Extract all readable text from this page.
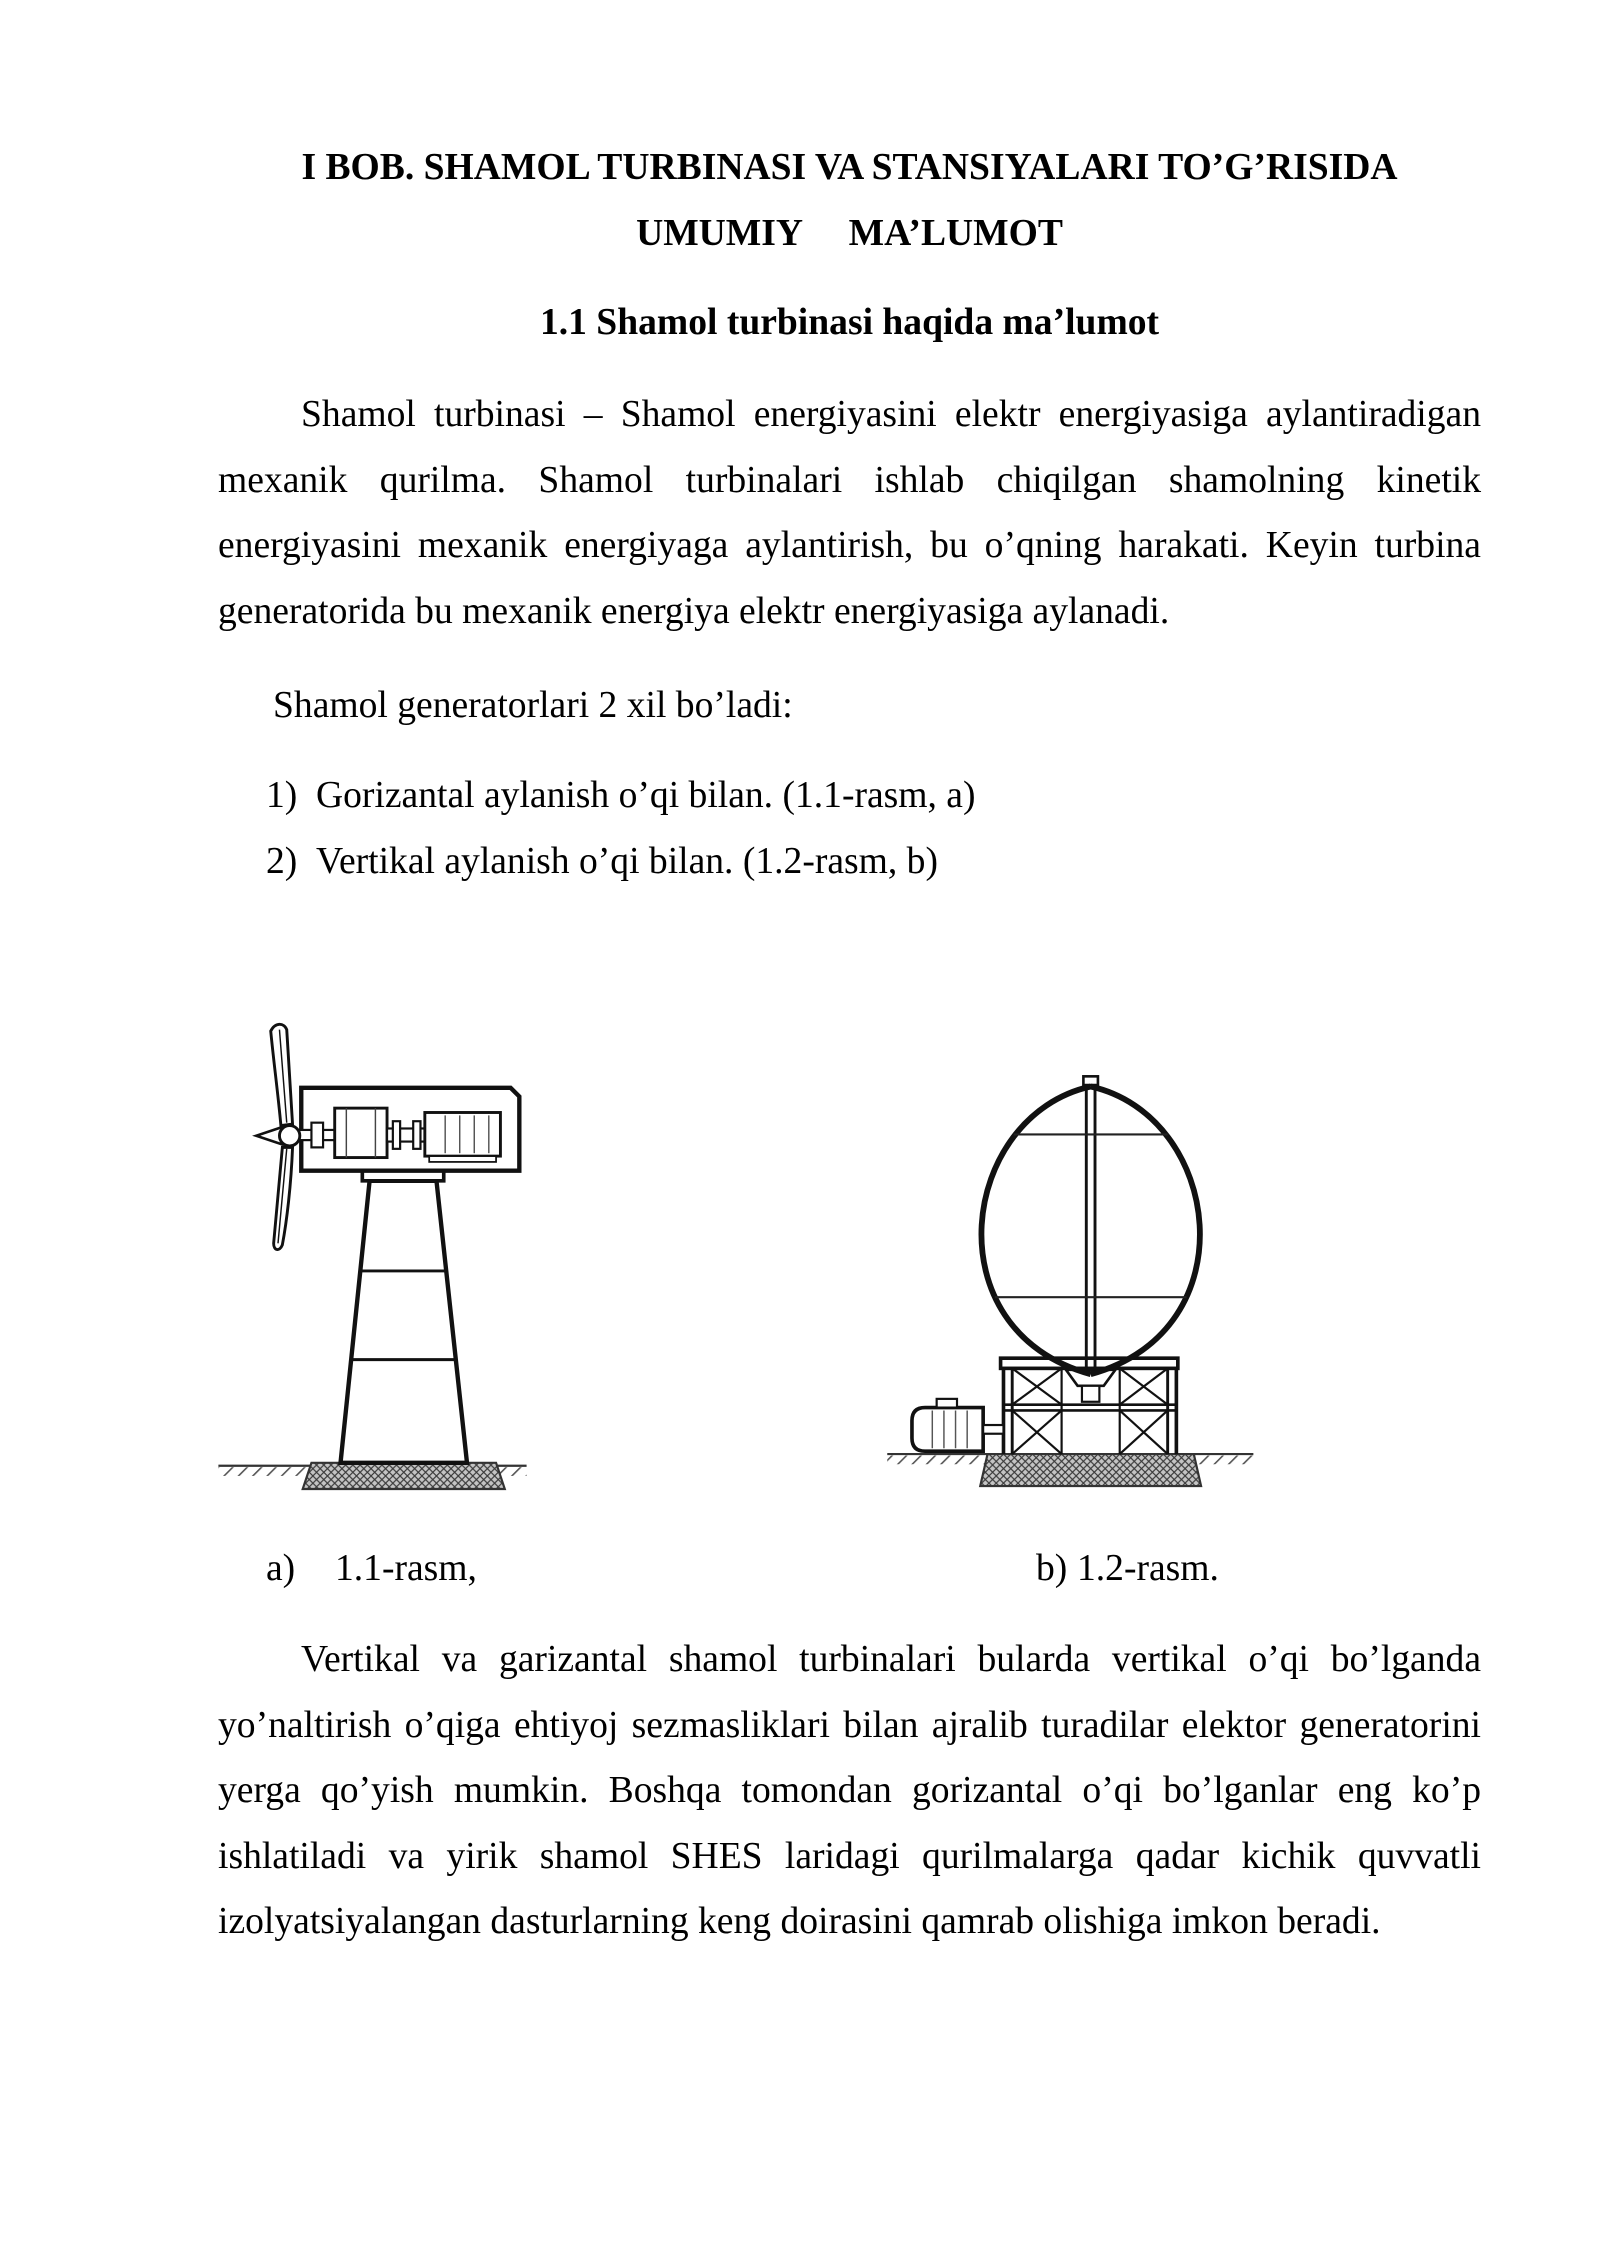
I BOB. SHAMOL TURBINASI VA STANSIYALARI TO’G’RISIDA
UMUMIY     MA’LUMOT
1.1 Shamol turbinasi haqida ma’lumot

Shamol turbinasi – Shamol energiyasini elektr energiyasiga aylantiradigan mexanik qurilma. Shamol turbinalari ishlab chiqilgan shamolning kinetik energiyasini mexanik energiyaga aylantirish, bu o’qning harakati. Keyin turbina generatorida bu mexanik energiya elektr energiyasiga aylanadi.

Shamol generatorlari 2 xil bo’ladi:

1) Gorizantal aylanish o’qi bilan. (1.1-rasm, a)
2) Vertikal aylanish o’qi bilan. (1.2-rasm, b)

a) 1.1-rasm,	b) 1.2-rasm.

Vertikal va garizantal shamol turbinalari bularda vertikal o’qi bo’lganda yo’naltirish o’qiga ehtiyoj sezmasliklari bilan ajralib turadilar elektor generatorini yerga qo’yish mumkin. Boshqa tomondan gorizantal o’qi bo’lganlar eng ko’p ishlatiladi va yirik shamol SHES laridagi qurilmalarga qadar kichik quvvatli izolyatsiyalangan dasturlarning keng doirasini qamrab olishiga imkon beradi.
